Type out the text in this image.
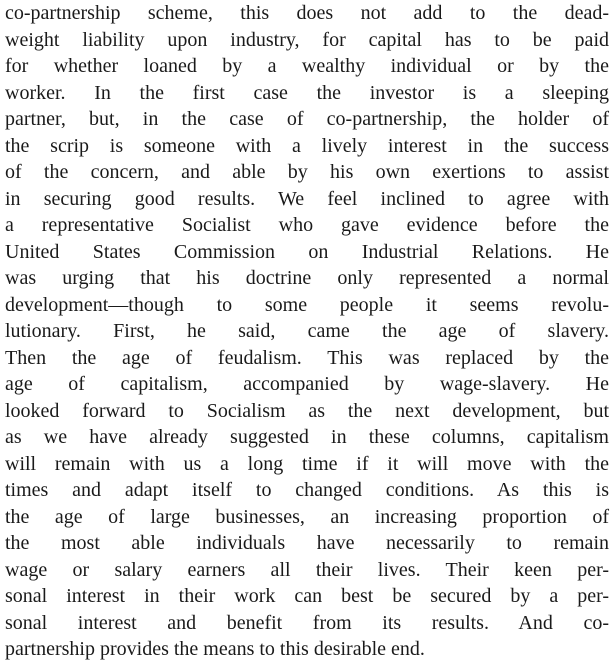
co-partnership scheme, this does not add to the dead-
weight liability upon industry, for capital has to be paid
for whether loaned by a wealthy individual or by the
worker. In the first case the investor is a sleeping
partner, but, in the case of co-partnership, the holder of
the scrip is someone with a lively interest in the success
of the concern, and able by his own exertions to assist
in securing good results. We feel inclined to agree with
a representative Socialist who gave evidence before the
United States Commission on Industrial Relations. He
was urging that his doctrine only represented a normal
development—though to some people it seems revolu-
lutionary. First, he said, came the age of slavery.
Then the age of feudalism. This was replaced by the
age of capitalism, accompanied by wage-slavery. He
looked forward to Socialism as the next development, but
as we have already suggested in these columns, capitalism
will remain with us a long time if it will move with the
times and adapt itself to changed conditions. As this is
the age of large businesses, an increasing proportion of
the most able individuals have necessarily to remain
wage or salary earners all their lives. Their keen per-
sonal interest in their work can best be secured by a per-
sonal interest and benefit from its results. And co-
partnership provides the means to this desirable end.
